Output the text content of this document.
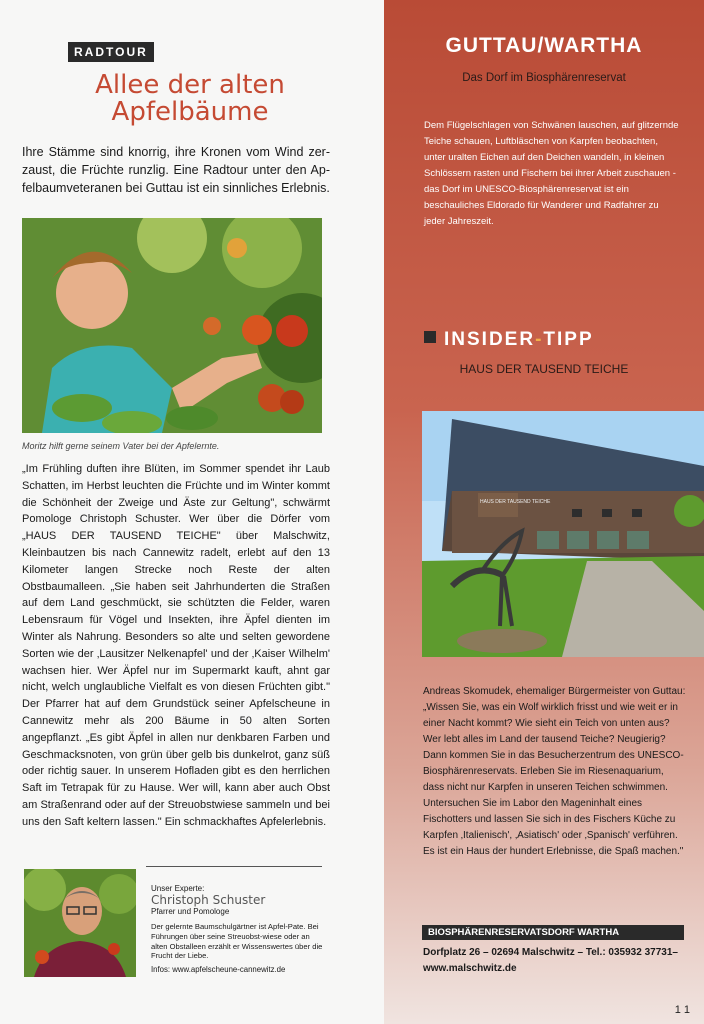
RADTOUR
Allee der alten
Apfelbäume
Ihre Stämme sind knorrig, ihre Kronen vom Wind zer-zaust, die Früchte runzlig. Eine Radtour unter den Ap-felbaumveteranen bei Guttau ist ein sinnliches Erlebnis.
Moritz hilft gerne seinem Vater bei der Apfelernte.
„Im Frühling duften ihre Blüten, im Sommer spendet ihr Laub Schatten, im Herbst leuchten die Früchte und im Winter kommt die Schönheit der Zweige und Äste zur Geltung", schwärmt Pomologe Christoph Schuster. Wer über die Dörfer vom „HAUS DER TAUSEND TEICHE" über Malschwitz, Kleinbautzen bis nach Cannewitz radelt, erlebt auf den 13 Kilometer langen Strecke noch Reste der alten Obstbaumalleen. „Sie haben seit Jahrhunderten die Straßen auf dem Land geschmückt, sie schützten die Felder, waren Lebensraum für Vögel und Insekten, ihre Äpfel dienten im Winter als Nahrung. Besonders so alte und selten gewordene Sorten wie der ‚Lausitzer Nelkenapfel' und der ‚Kaiser Wilhelm' wachsen hier. Wer Äpfel nur im Supermarkt kauft, ahnt gar nicht, welch unglaubliche Vielfalt es von diesen Früchten gibt." Der Pfarrer hat auf dem Grundstück seiner Apfelscheune in Cannewitz mehr als 200 Bäume in 50 alten Sorten angepflanzt. „Es gibt Äpfel in allen nur denkbaren Farben und Geschmacksnoten, von grün über gelb bis dunkelrot, ganz süß oder richtig sauer. In unserem Hofladen gibt es den herrlichen Saft im Tetrapak für zu Hause. Wer will, kann aber auch Obst am Straßenrand oder auf der Streuobstwiese sammeln und bei uns den Saft keltern lassen." Ein schmackhaftes Apfelerlebnis.
Unser Experte:
Christoph Schuster
Pfarrer und Pomologe
Der gelernte Baumschulgärtner ist Apfel-Pate. Bei Führungen über seine Streuobst-wiese oder an alten Obstalleen erzählt er Wissenswertes über die Frucht der Liebe.
Infos: www.apfelscheune-cannewitz.de
GUTTAU/WARTHA
Das Dorf im Biosphärenreservat
Dem Flügelschlagen von Schwänen lauschen, auf glitzernde Teiche schauen, Luftbläschen von Karpfen beobachten, unter uralten Eichen auf den Deichen wandeln, in kleinen Schlössern rasten und Fischern bei ihrer Arbeit zuschauen - das Dorf im UNESCO-Biosphärenreservat ist ein beschauliches Eldorado für Wanderer und Radfahrer zu jeder Jahreszeit.
INSIDER-TIPP
HAUS DER TAUSEND TEICHE
HAUS DER TAUSEND TEICHE
Andreas Skomudek, ehemaliger Bürgermeister von Guttau: „Wissen Sie, was ein Wolf wirklich frisst und wie weit er in einer Nacht kommt? Wie sieht ein Teich von unten aus? Wer lebt alles im Land der tausend Teiche? Neugierig? Dann kommen Sie in das Besucherzentrum des UNESCO-Biosphärenreservats. Erleben Sie im Riesenaquarium, dass nicht nur Karpfen in unseren Teichen schwimmen. Untersuchen Sie im Labor den Mageninhalt eines Fischotters und lassen Sie sich in des Fischers Küche zu Karpfen ‚Italienisch', ‚Asiatisch' oder ‚Spanisch' verführen. Es ist ein Haus der hundert Erlebnisse, die Spaß machen."
BIOSPHÄRENRESERVATSDORF WARTHA
Dorfplatz 26 – 02694 Malschwitz – Tel.: 035932 37731–
www.malschwitz.de
1 1
